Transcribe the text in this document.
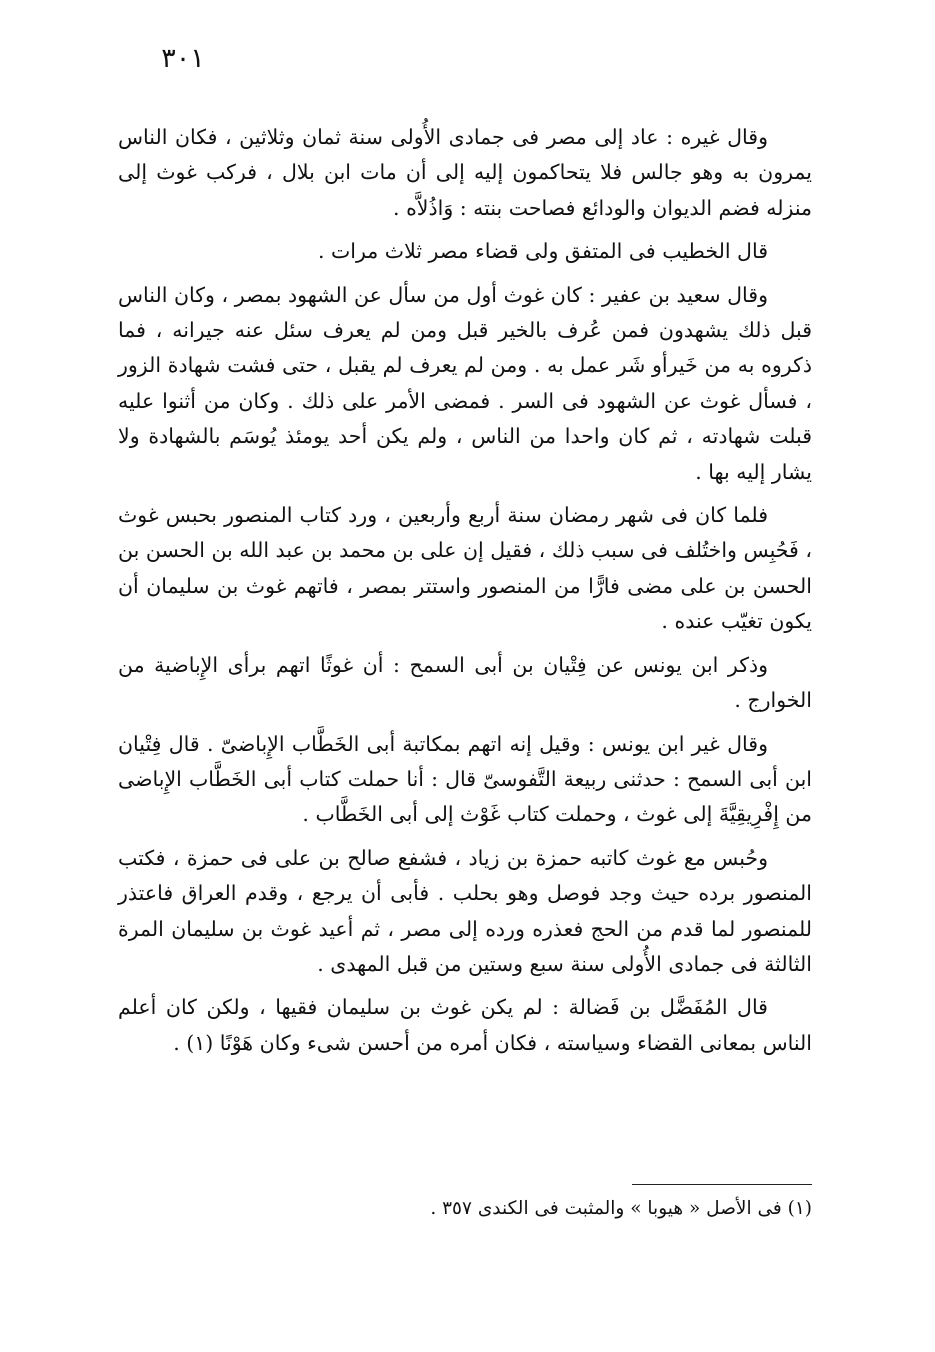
٣٠١

وقال غيره : عاد إلى مصر فى جمادى الأُولى سنة ثمان وثلاثين ، فكان الناس يمرون به وهو جالس فلا يتحاكمون إليه إلى أن مات ابن بلال ، فركب غوث إلى منزله فضم الديوان والودائع فصاحت بنته : وَاذُلاَّه .

قال الخطيب فى المتفق ولى قضاء مصر ثلاث مرات .

وقال سعيد بن عفير : كان غوث أول من سأل عن الشهود بمصر ، وكان الناس قبل ذلك يشهدون فمن عُرف بالخير قبل ومن لم يعرف سئل عنه جيرانه ، فما ذكروه به من خَيرأو شَر عمل به . ومن لم يعرف لم يقبل ، حتى فشت شهادة الزور ، فسأل غوث عن الشهود فى السر . فمضى الأمر على ذلك . وكان من أثنوا عليه قبلت شهادته ، ثم كان واحدا من الناس ، ولم يكن أحد يومئذ يُوسَم بالشهادة ولا يشار إليه بها .

فلما كان فى شهر رمضان سنة أربع وأربعين ، ورد كتاب المنصور بحبس غوث ، فَحُبِس واختُلف فى سبب ذلك ، فقيل إن على بن محمد بن عبد الله بن الحسن بن الحسن بن على مضى فارًّا من المنصور واستتر بمصر ، فاتهم غوث بن سليمان أن يكون تغيّب عنده .

وذكر ابن يونس عن فِتْيان بن أبى السمح : أن غوثًا اتهم برأى الإِباضية من الخوارج .

وقال غير ابن يونس : وقيل إنه اتهم بمكاتبة أبى الخَطَّاب الإِباضىّ . قال فِتْيان ابن أبى السمح : حدثنى ربيعة التَّفوسىّ قال : أنا حملت كتاب أبى الخَطَّاب الإِباضى من إِفْرِيقِيَّةَ إلى غوث ، وحملت كتاب غَوْث إلى أبى الخَطَّاب .

وحُبس مع غوث كاتبه حمزة بن زياد ، فشفع صالح بن على فى حمزة ، فكتب المنصور برده حيث وجد فوصل وهو بحلب . فأبى أن يرجع ، وقدم العراق فاعتذر للمنصور لما قدم من الحج فعذره ورده إلى مصر ، ثم أعيد غوث بن سليمان المرة الثالثة فى جمادى الأُولى سنة سبع وستين من قبل المهدى .

قال المُفَضَّل بن فَضالة : لم يكن غوث بن سليمان فقيها ، ولكن كان أعلم الناس بمعانى القضاء وسياسته ، فكان أمره من أحسن شىء وكان هَوْنًا (١) .

(١) فى الأصل « هيوبا » والمثبت فى الكندى ٣٥٧ .
